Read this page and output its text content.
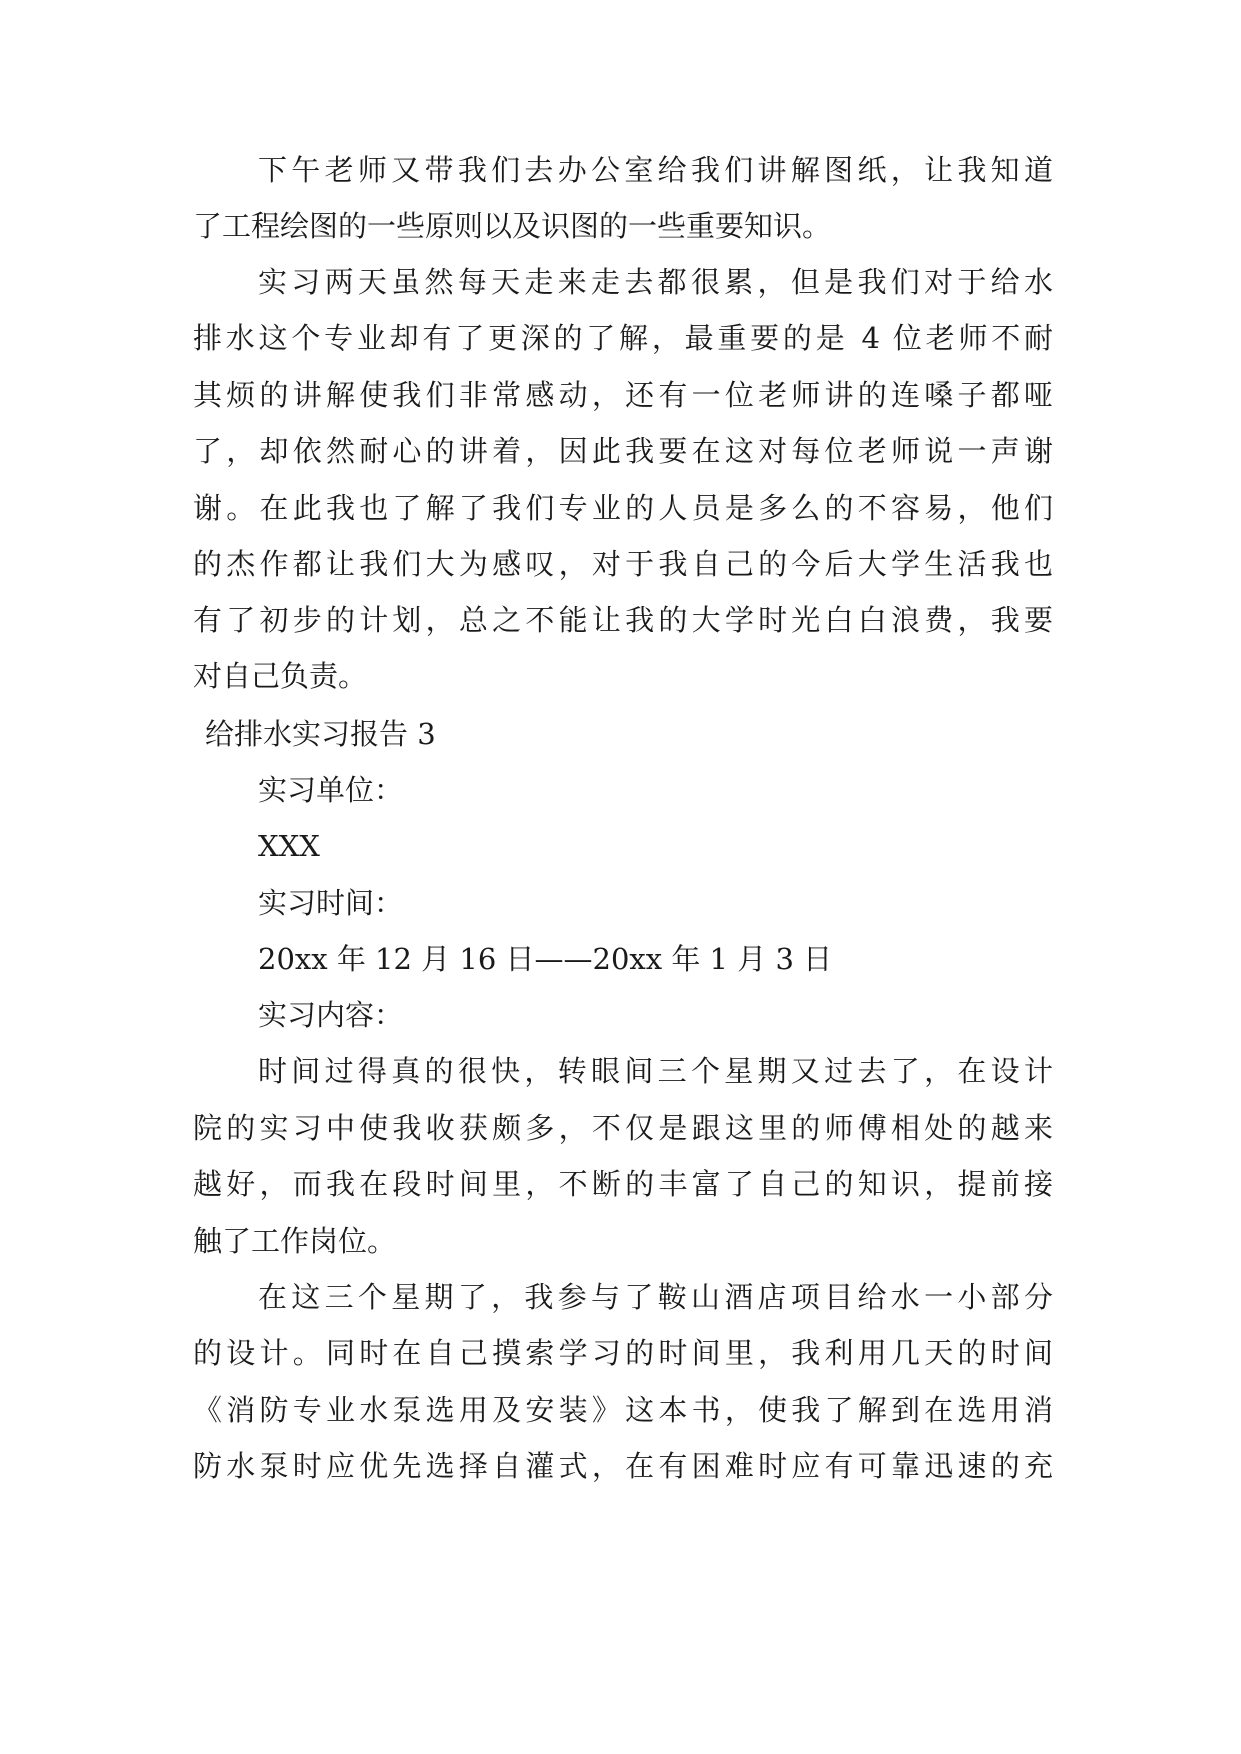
下午老师又带我们去办公室给我们讲解图纸，让我知道
了工程绘图的一些原则以及识图的一些重要知识。
实习两天虽然每天走来走去都很累，但是我们对于给水
排水这个专业却有了更深的了解，最重要的是 4 位老师不耐
其烦的讲解使我们非常感动，还有一位老师讲的连嗓子都哑
了，却依然耐心的讲着，因此我要在这对每位老师说一声谢
谢。在此我也了解了我们专业的人员是多么的不容易，他们
的杰作都让我们大为感叹，对于我自己的今后大学生活我也
有了初步的计划，总之不能让我的大学时光白白浪费，我要
对自己负责。
给排水实习报告 3
实习单位：
XXX
实习时间：
20xx 年 12 月 16 日——20xx 年 1 月 3 日
实习内容：
时间过得真的很快，转眼间三个星期又过去了，在设计
院的实习中使我收获颇多，不仅是跟这里的师傅相处的越来
越好，而我在段时间里，不断的丰富了自己的知识，提前接
触了工作岗位。
在这三个星期了，我参与了鞍山酒店项目给水一小部分
的设计。同时在自己摸索学习的时间里，我利用几天的时间
《消防专业水泵选用及安装》这本书，使我了解到在选用消
防水泵时应优先选择自灌式，在有困难时应有可靠迅速的充
